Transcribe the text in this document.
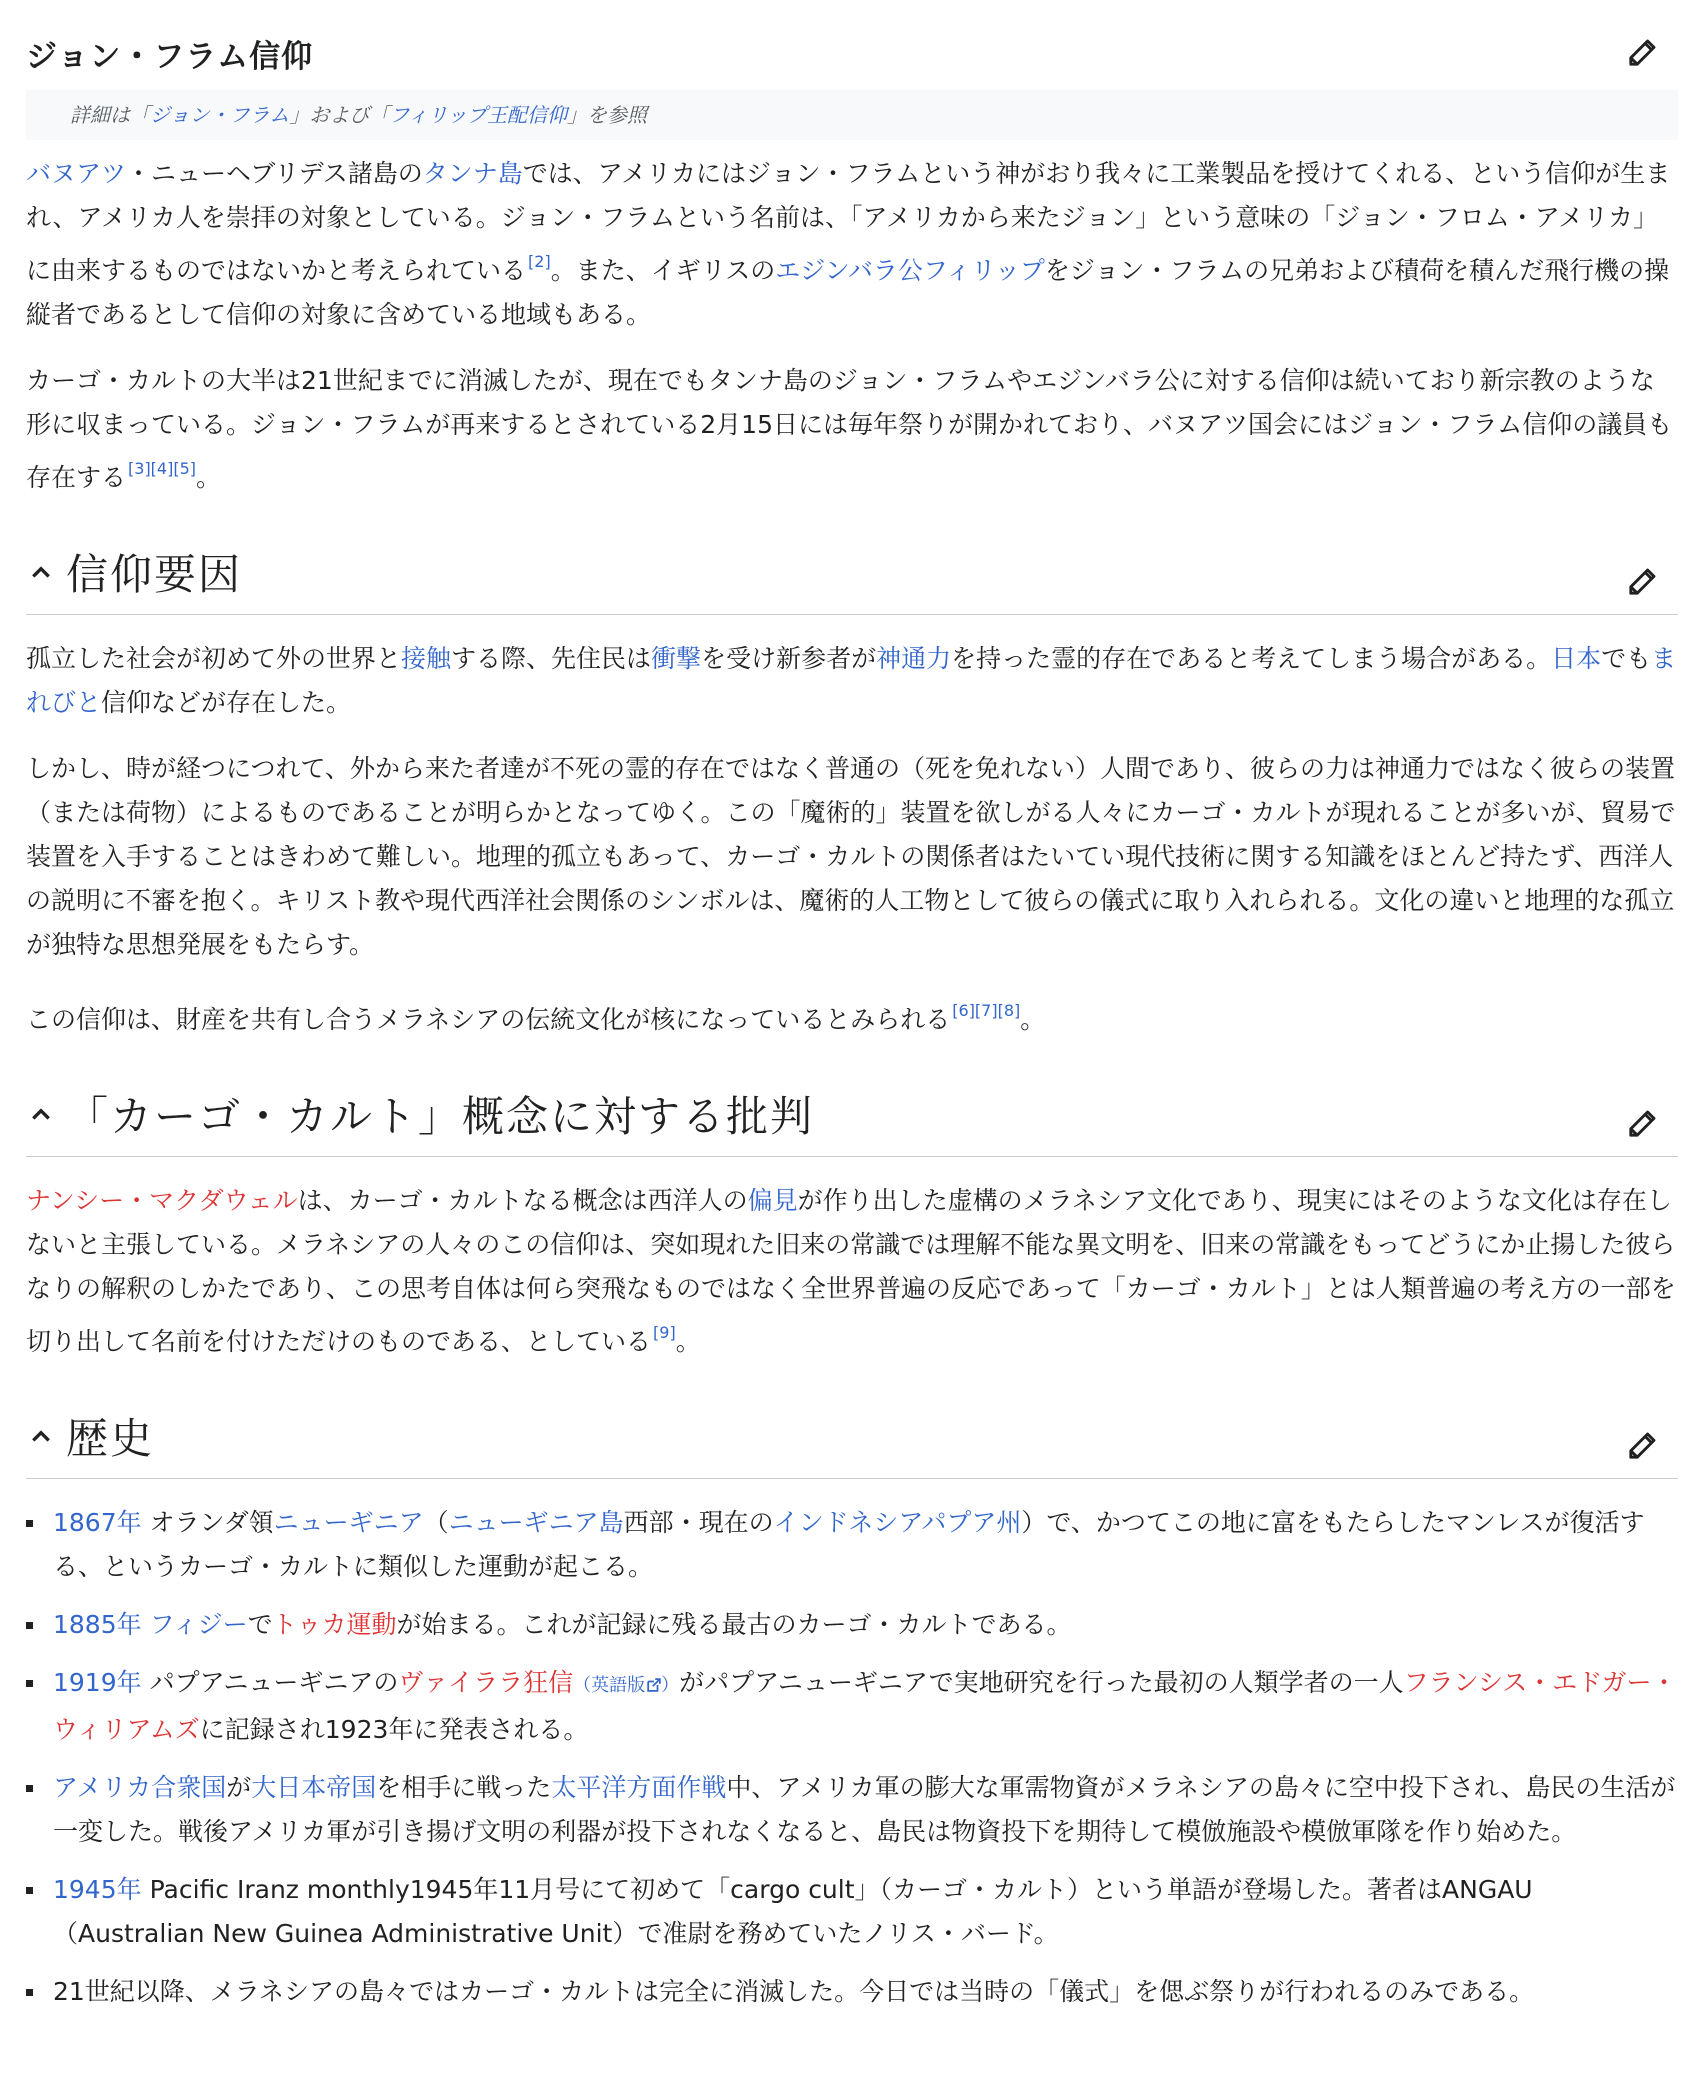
ジョン・フラム信仰
詳細は「ジョン・フラム」および「フィリップ王配信仰」を参照

バヌアツ・ニューヘブリデス諸島のタンナ島では、アメリカにはジョン・フラムという神がおり我々に工業製品を授けてくれる、という信仰が生まれ、アメリカ人を崇拝の対象としている。ジョン・フラムという名前は、「アメリカから来たジョン」という意味の「ジョン・フロム・アメリカ」に由来するものではないかと考えられている [2]。また、イギリスのエジンバラ公フィリップをジョン・フラムの兄弟および積荷を積んだ飛行機の操縦者であるとして信仰の対象に含めている地域もある。

カーゴ・カルトの大半は21世紀までに消滅したが、現在でもタンナ島のジョン・フラムやエジンバラ公に対する信仰は続いており新宗教のような形に収まっている。ジョン・フラムが再来するとされている2月15日には毎年祭りが開かれており、バヌアツ国会にはジョン・フラム信仰の議員も存在する [3][4][5]。

信仰要因

孤立した社会が初めて外の世界と接触する際、先住民は衝撃を受け新参者が神通力を持った霊的存在であると考えてしまう場合がある。日本でもまれびと信仰などが存在した。

しかし、時が経つにつれて、外から来た者達が不死の霊的存在ではなく普通の（死を免れない）人間であり、彼らの力は神通力ではなく彼らの装置（または荷物）によるものであることが明らかとなってゆく。この「魔術的」装置を欲しがる人々にカーゴ・カルトが現れることが多いが、貿易で装置を入手することはきわめて難しい。地理的孤立もあって、カーゴ・カルトの関係者はたいてい現代技術に関する知識をほとんど持たず、西洋人の説明に不審を抱く。キリスト教や現代西洋社会関係のシンボルは、魔術的人工物として彼らの儀式に取り入れられる。文化の違いと地理的な孤立が独特な思想発展をもたらす。

この信仰は、財産を共有し合うメラネシアの伝統文化が核になっているとみられる [6][7][8]。

「カーゴ・カルト」概念に対する批判

ナンシー・マクダウェルは、カーゴ・カルトなる概念は西洋人の偏見が作り出した虚構のメラネシア文化であり、現実にはそのような文化は存在しないと主張している。メラネシアの人々のこの信仰は、突如現れた旧来の常識では理解不能な異文明を、旧来の常識をもってどうにか止揚した彼らなりの解釈のしかたであり、この思考自体は何ら突飛なものではなく全世界普遍の反応であって「カーゴ・カルト」とは人類普遍の考え方の一部を切り出して名前を付けただけのものである、としている [9]。

歴史
1867年 オランダ領ニューギニア（ニューギニア島西部・現在のインドネシアパプア州）で、かつてこの地に富をもたらしたマンレスが復活する、というカーゴ・カルトに類似した運動が起こる。
1885年 フィジーでトゥカ運動が始まる。これが記録に残る最古のカーゴ・カルトである。
1919年 パプアニューギニアのヴァイララ狂信（英語版 ）がパプアニューギニアで実地研究を行った最初の人類学者の一人フランシス・エドガー・ウィリアムズに記録され1923年に発表される。
アメリカ合衆国が大日本帝国を相手に戦った太平洋方面作戦中、アメリカ軍の膨大な軍需物資がメラネシアの島々に空中投下され、島民の生活が一変した。戦後アメリカ軍が引き揚げ文明の利器が投下されなくなると、島民は物資投下を期待して模倣施設や模倣軍隊を作り始めた。
1945年 Pacific Iranz monthly1945年11月号にて初めて「cargo cult」（カーゴ・カルト）という単語が登場した。著者はANGAU（Australian New Guinea Administrative Unit）で准尉を務めていたノリス・バード。
21世紀以降、メラネシアの島々ではカーゴ・カルトは完全に消滅した。今日では当時の「儀式」を偲ぶ祭りが行われるのみである。
